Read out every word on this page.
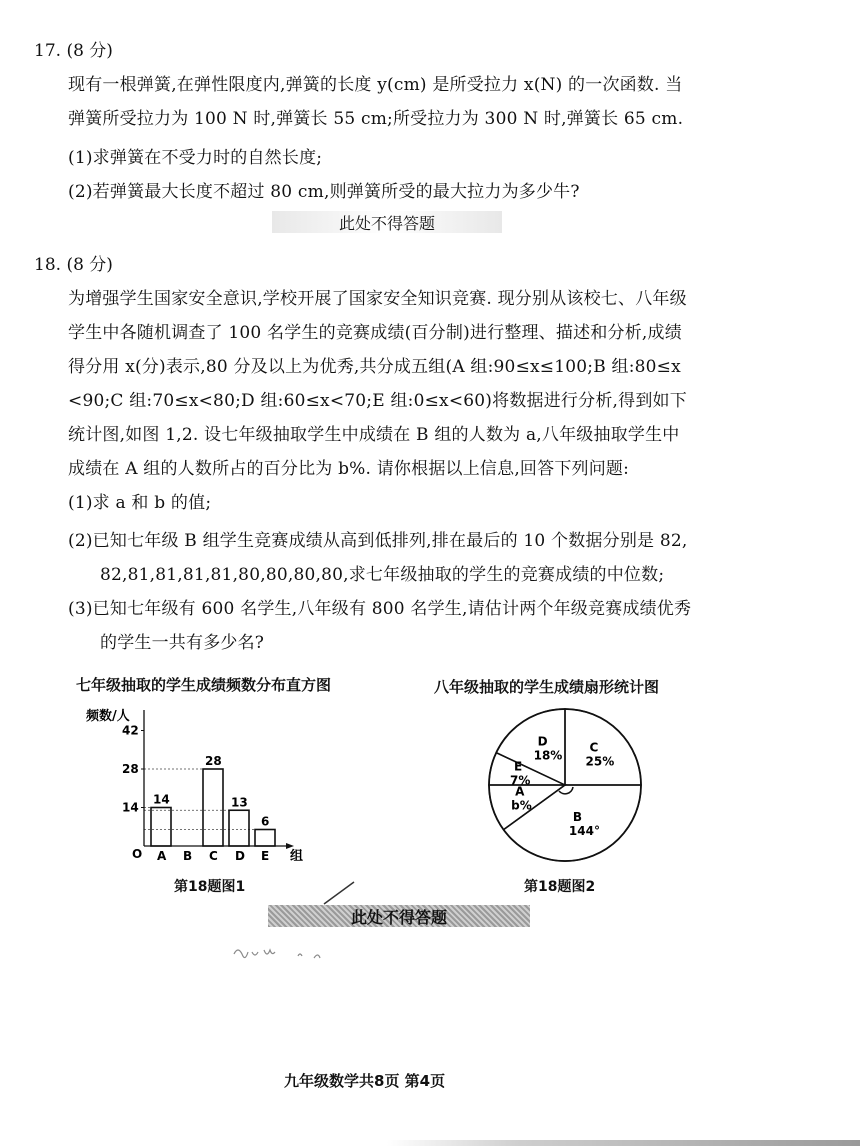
17. (8 分)
现有一根弹簧,在弹性限度内,弹簧的长度 y(cm) 是所受拉力 x(N) 的一次函数. 当
弹簧所受拉力为 100 N 时,弹簧长 55 cm;所受拉力为 300 N 时,弹簧长 65 cm.
(1)求弹簧在不受力时的自然长度;
(2)若弹簧最大长度不超过 80 cm,则弹簧所受的最大拉力为多少牛?
此处不得答题
18. (8 分)
为增强学生国家安全意识,学校开展了国家安全知识竞赛. 现分别从该校七、八年级
学生中各随机调查了 100 名学生的竞赛成绩(百分制)进行整理、描述和分析,成绩
得分用 x(分)表示,80 分及以上为优秀,共分成五组(A 组:90≤x≤100;B 组:80≤x
<90;C 组:70≤x<80;D 组:60≤x<70;E 组:0≤x<60)将数据进行分析,得到如下
统计图,如图 1,2. 设七年级抽取学生中成绩在 B 组的人数为 a,八年级抽取学生中
成绩在 A 组的人数所占的百分比为 b%. 请你根据以上信息,回答下列问题:
(1)求 a 和 b 的值;
(2)已知七年级 B 组学生竞赛成绩从高到低排列,排在最后的 10 个数据分别是 82,
82,81,81,81,81,80,80,80,80,求七年级抽取的学生的竞赛成绩的中位数;
(3)已知七年级有 600 名学生,八年级有 800 名学生,请估计两个年级竞赛成绩优秀
的学生一共有多少名?
七年级抽取的学生成绩频数分布直方图	八年级抽取的学生成绩扇形统计图
频数/人
组
O
14
28
42
A
14
B C
28
D
13
E
6
C
25%
B
144°
A
b%
E
7%
D
18%
第18题图1	第18题图2
此处不得答题
九年级数学共8页 第4页
